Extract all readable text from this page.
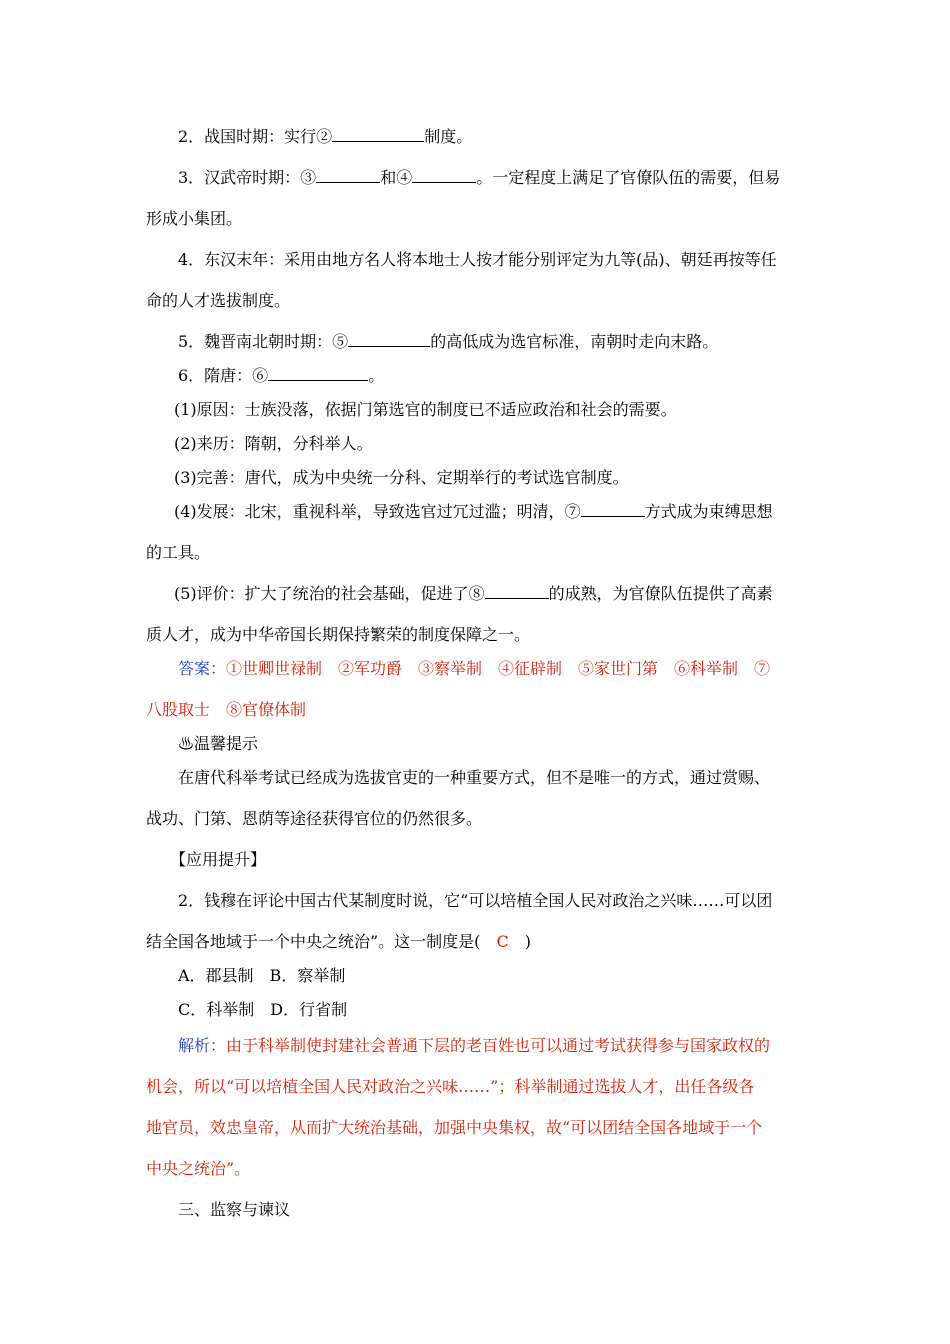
2．战国时期：实行②	制度。

3．汉武帝时期：③	和④	。一定程度上满足了官僚队伍的需要，但易

形成小集团。

4．东汉末年：采用由地方名人将本地士人按才能分别评定为九等(品)、朝廷再按等任

命的人才选拔制度。

5．魏晋南北朝时期：⑤	的高低成为选官标准，南朝时走向末路。

6．隋唐：⑥	。

(1)原因：士族没落，依据门第选官的制度已不适应政治和社会的需要。

(2)来历：隋朝，分科举人。

(3)完善：唐代，成为中央统一分科、定期举行的考试选官制度。

(4)发展：北宋，重视科举，导致选官过冗过滥；明清，⑦	方式成为束缚思想

的工具。

(5)评价：扩大了统治的社会基础，促进了⑧	的成熟，为官僚队伍提供了高素

质人才，成为中华帝国长期保持繁荣的制度保障之一。

答案：①世卿世禄制　②军功爵　③察举制　④征辟制　⑤家世门第　⑥科举制　⑦

八股取士　⑧官僚体制

♨温馨提示

在唐代科举考试已经成为选拔官吏的一种重要方式，但不是唯一的方式，通过赏赐、

战功、门第、恩荫等途径获得官位的仍然很多。

【应用提升】

2．钱穆在评论中国古代某制度时说，它“可以培植全国人民对政治之兴味……可以团

结全国各地域于一个中央之统治”。这一制度是(　C　)

A．郡县制　B．察举制

C．科举制　D．行省制

解析：由于科举制使封建社会普通下层的老百姓也可以通过考试获得参与国家政权的

机会，所以“可以培植全国人民对政治之兴味……”；科举制通过选拔人才，出任各级各

地官员，效忠皇帝，从而扩大统治基础，加强中央集权，故“可以团结全国各地域于一个

中央之统治”。

三、监察与谏议
